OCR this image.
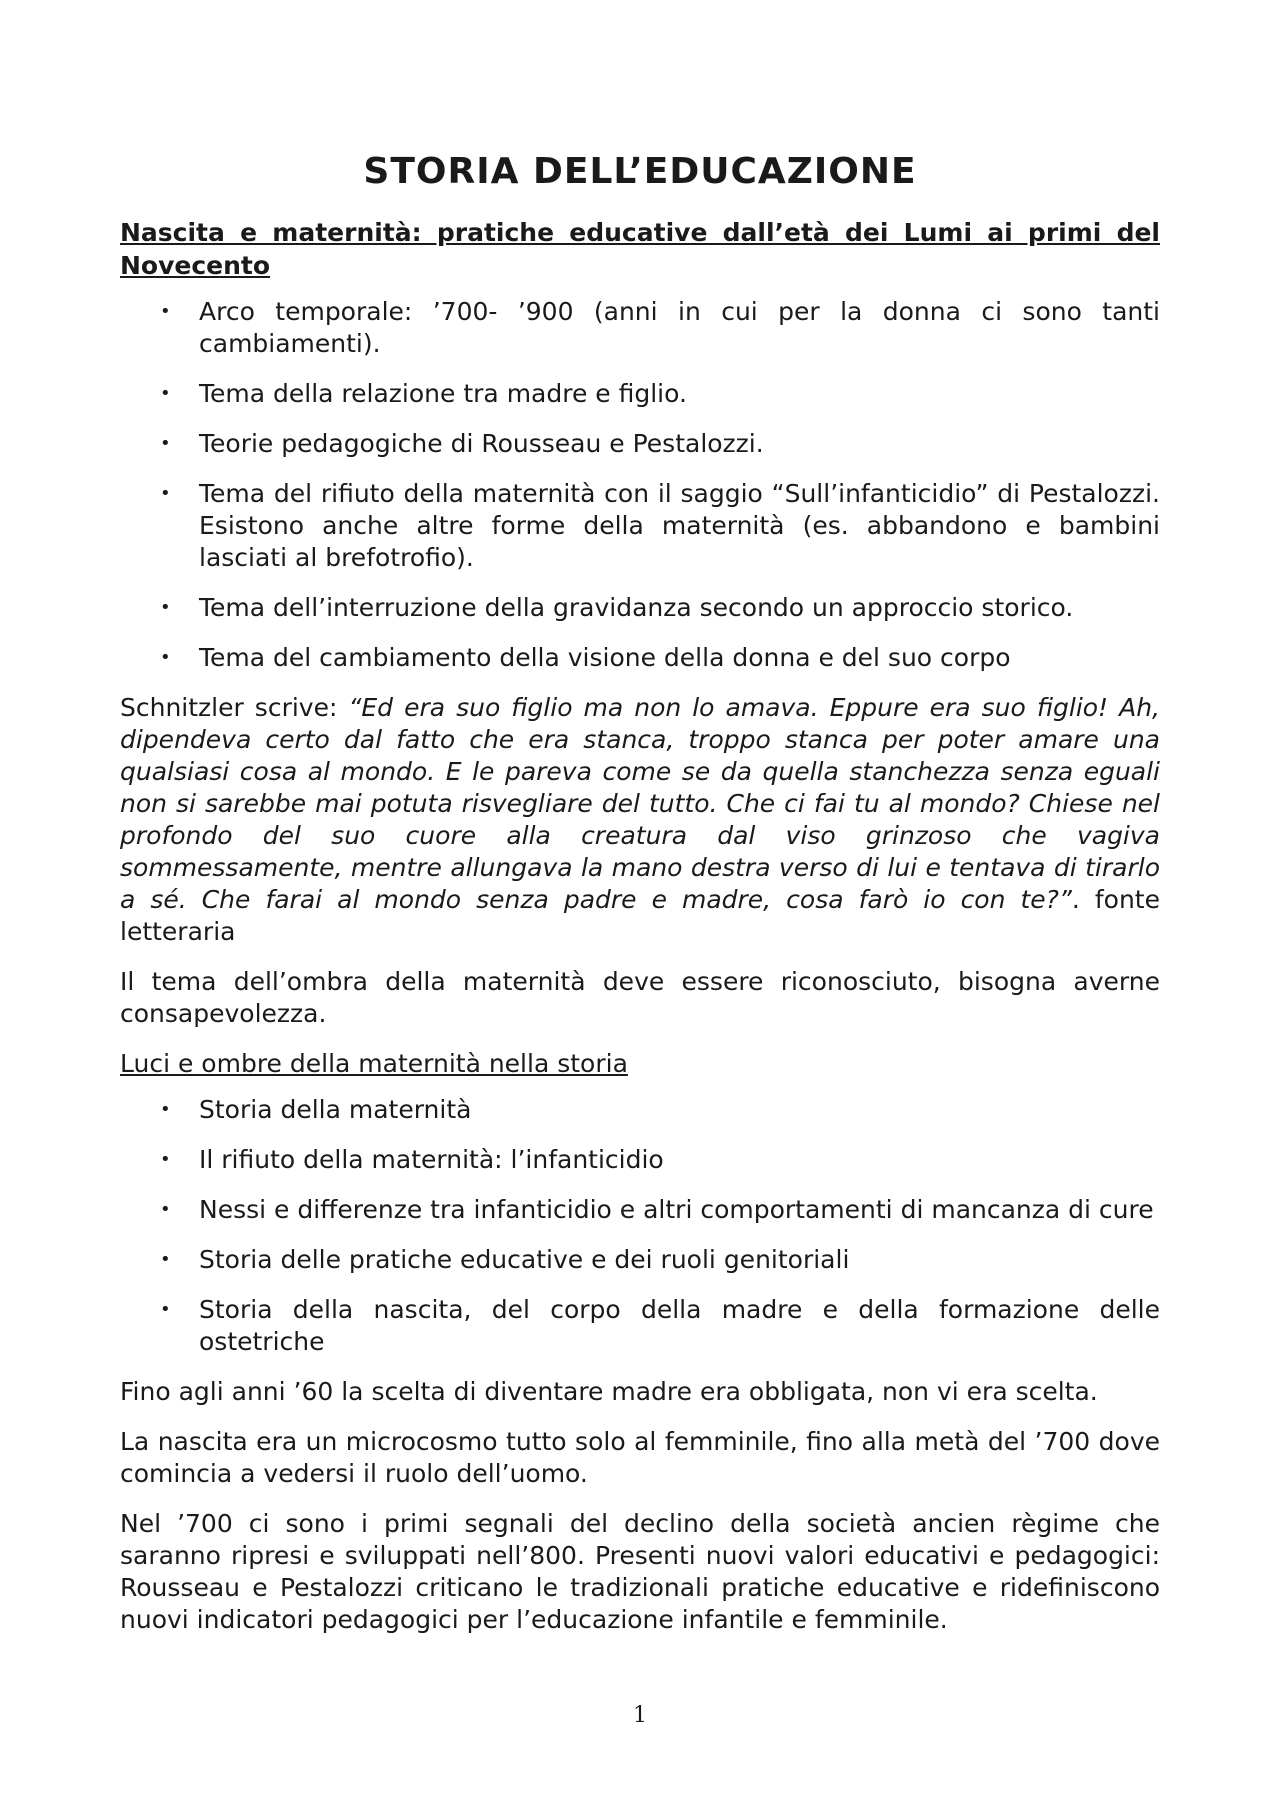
STORIA DELL’EDUCAZIONE
Nascita e maternità: pratiche educative dall’età dei Lumi ai primi del Novecento
• Arco temporale: ’700- ’900 (anni in cui per la donna ci sono tanti cambiamenti).
• Tema della relazione tra madre e figlio.
• Teorie pedagogiche di Rousseau e Pestalozzi.
• Tema del rifiuto della maternità con il saggio “Sull’infanticidio” di Pestalozzi. Esistono anche altre forme della maternità (es. abbandono e bambini lasciati al brefotrofio).
• Tema dell’interruzione della gravidanza secondo un approccio storico.
• Tema del cambiamento della visione della donna e del suo corpo

Schnitzler scrive: “Ed era suo figlio ma non lo amava. Eppure era suo figlio! Ah, dipendeva certo dal fatto che era stanca, troppo stanca per poter amare una qualsiasi cosa al mondo. E le pareva come se da quella stanchezza senza eguali non si sarebbe mai potuta risvegliare del tutto. Che ci fai tu al mondo? Chiese nel profondo del suo cuore alla creatura dal viso grinzoso che vagiva sommessamente, mentre allungava la mano destra verso di lui e tentava di tirarlo a sé. Che farai al mondo senza padre e madre, cosa farò io con te?”. fonte letteraria

Il tema dell’ombra della maternità deve essere riconosciuto, bisogna averne consapevolezza.

Luci e ombre della maternità nella storia
• Storia della maternità
• Il rifiuto della maternità: l’infanticidio
• Nessi e differenze tra infanticidio e altri comportamenti di mancanza di cure
• Storia delle pratiche educative e dei ruoli genitoriali
• Storia della nascita, del corpo della madre e della formazione delle ostetriche

Fino agli anni ’60 la scelta di diventare madre era obbligata, non vi era scelta.

La nascita era un microcosmo tutto solo al femminile, fino alla metà del ’700 dove comincia a vedersi il ruolo dell’uomo.

Nel ’700 ci sono i primi segnali del declino della società ancien règime che saranno ripresi e sviluppati nell’800. Presenti nuovi valori educativi e pedagogici: Rousseau e Pestalozzi criticano le tradizionali pratiche educative e ridefiniscono nuovi indicatori pedagogici per l’educazione infantile e femminile.

1
